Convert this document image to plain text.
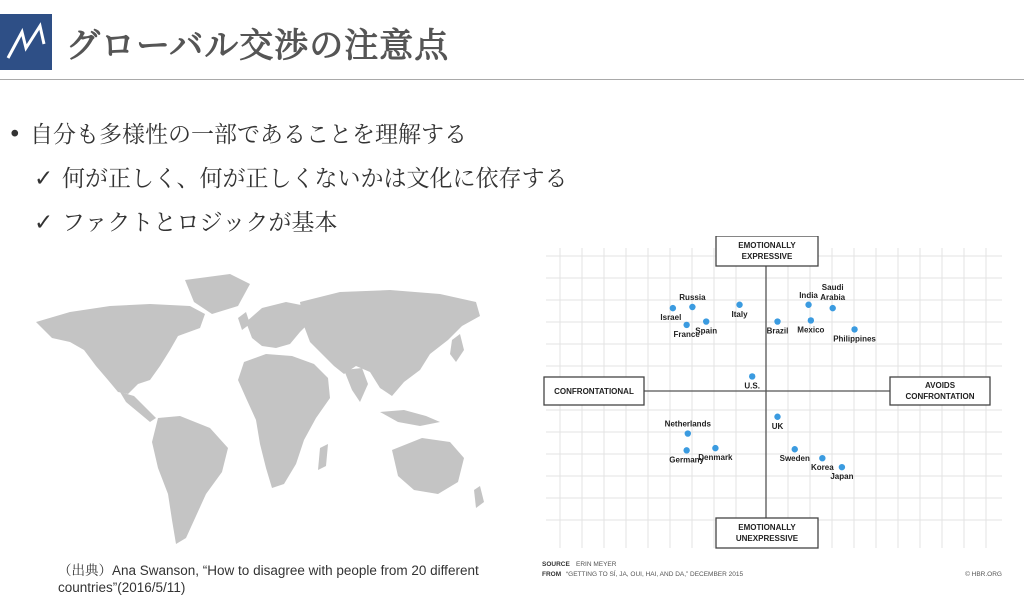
グローバル交渉の注意点
• 自分も多様性の一部であることを理解する
✓ 何が正しく、何が正しくないかは文化に依存する
✓ ファクトとロジックが基本
（出典）Ana Swanson, “How to disagree with people from 20 different countries”(2016/5/11)
EMOTIONALLY
EXPRESSIVE
EMOTIONALLY
UNEXPRESSIVE
CONFRONTATIONAL
AVOIDS
CONFRONTATION
Israel
Russia
France
Spain
Italy
Brazil
India
Mexico
Saudi
Arabia
Philippines
U.S.
UK
Netherlands
Germany
Denmark	Sweden
Korea
Japan
SOURCE ERIN MEYER
FROM “GETTING TO SÍ, JA, OUI, HAI, AND DA,” DECEMBER 2015	© HBR.ORG
